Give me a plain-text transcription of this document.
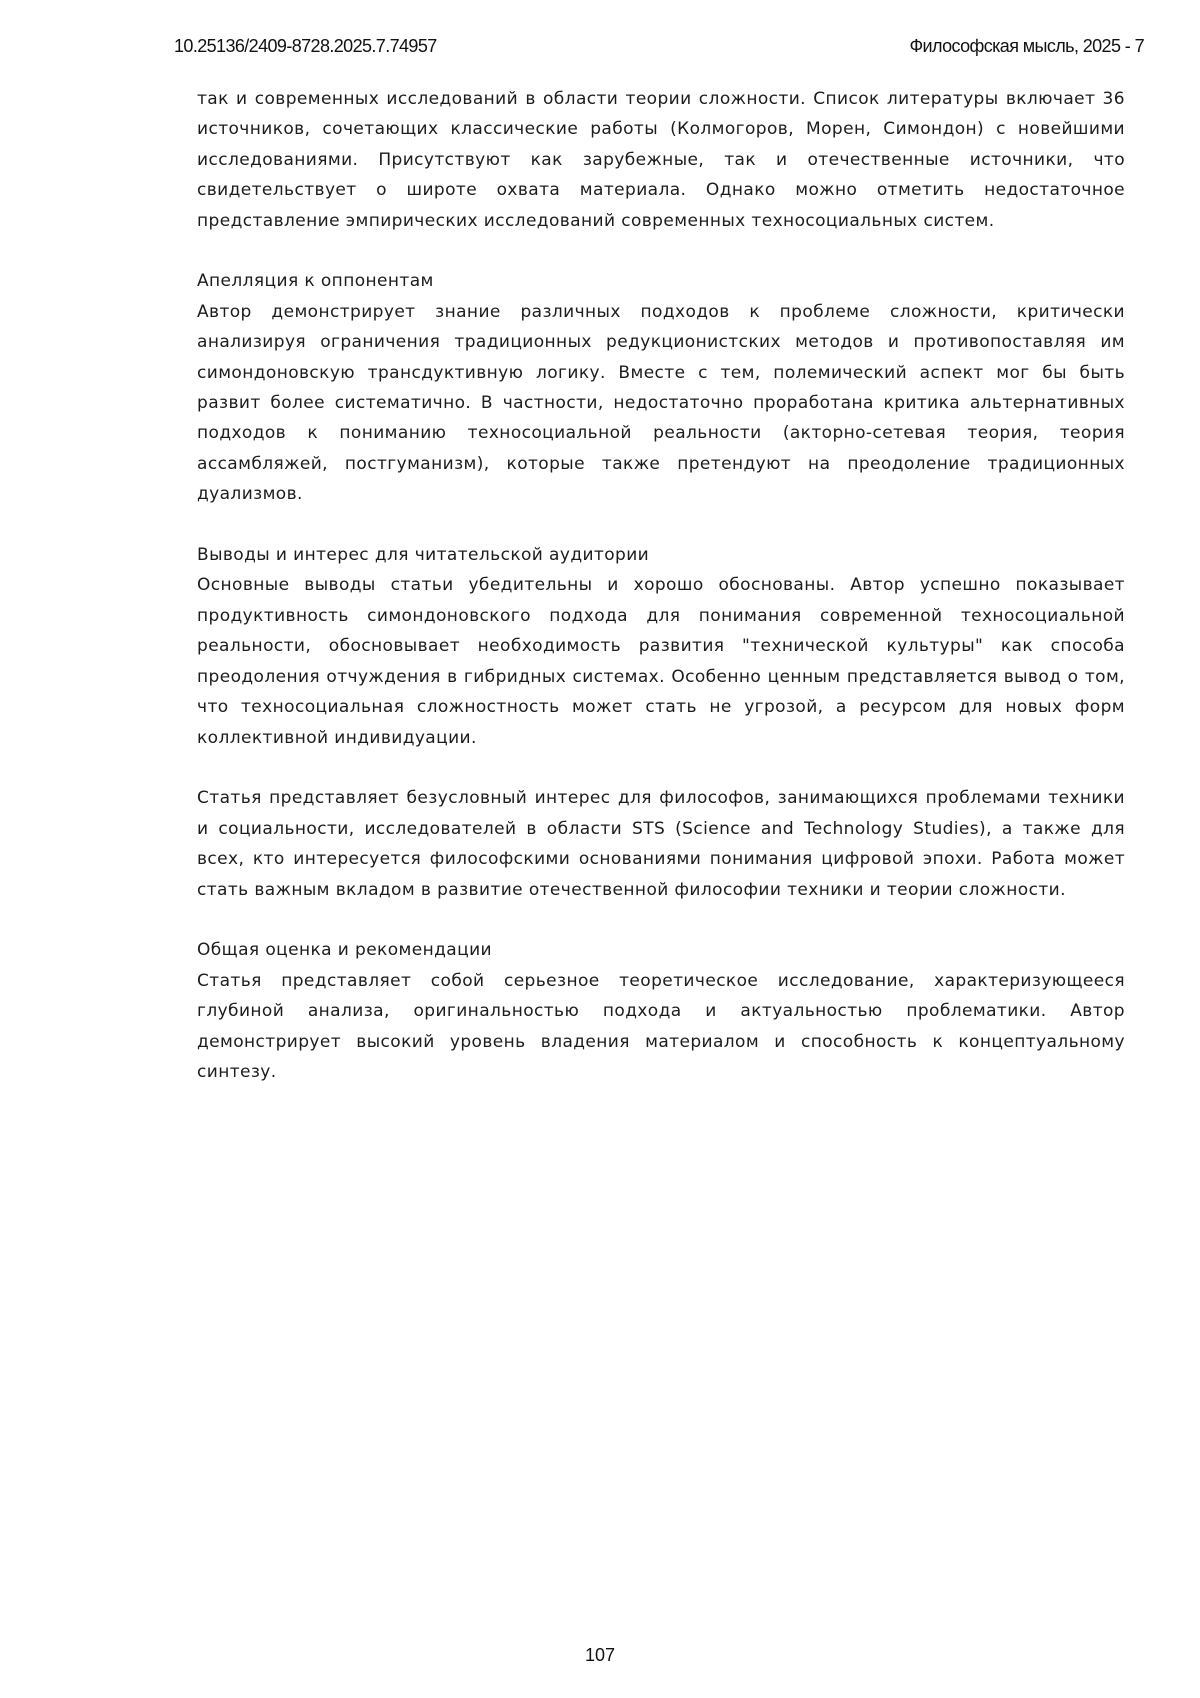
10.25136/2409-8728.2025.7.74957	Философская мысль, 2025 - 7

так и современных исследований в области теории сложности. Список литературы включает 36 источников, сочетающих классические работы (Колмогоров, Морен, Симондон) с новейшими исследованиями. Присутствуют как зарубежные, так и отечественные источники, что свидетельствует о широте охвата материала. Однако можно отметить недостаточное представление эмпирических исследований современных техносоциальных систем.

Апелляция к оппонентам

Автор демонстрирует знание различных подходов к проблеме сложности, критически анализируя ограничения традиционных редукционистских методов и противопоставляя им симондоновскую трансдуктивную логику. Вместе с тем, полемический аспект мог бы быть развит более систематично. В частности, недостаточно проработана критика альтернативных подходов к пониманию техносоциальной реальности (акторно-сетевая теория, теория ассамбляжей, постгуманизм), которые также претендуют на преодоление традиционных дуализмов.

Выводы и интерес для читательской аудитории

Основные выводы статьи убедительны и хорошо обоснованы. Автор успешно показывает продуктивность симондоновского подхода для понимания современной техносоциальной реальности, обосновывает необходимость развития "технической культуры" как способа преодоления отчуждения в гибридных системах. Особенно ценным представляется вывод о том, что техносоциальная сложностность может стать не угрозой, а ресурсом для новых форм коллективной индивидуации.

Статья представляет безусловный интерес для философов, занимающихся проблемами техники и социальности, исследователей в области STS (Science and Technology Studies), а также для всех, кто интересуется философскими основаниями понимания цифровой эпохи. Работа может стать важным вкладом в развитие отечественной философии техники и теории сложности.

Общая оценка и рекомендации

Статья представляет собой серьезное теоретическое исследование, характеризующееся глубиной анализа, оригинальностью подхода и актуальностью проблематики. Автор демонстрирует высокий уровень владения материалом и способность к концептуальному синтезу.

107
